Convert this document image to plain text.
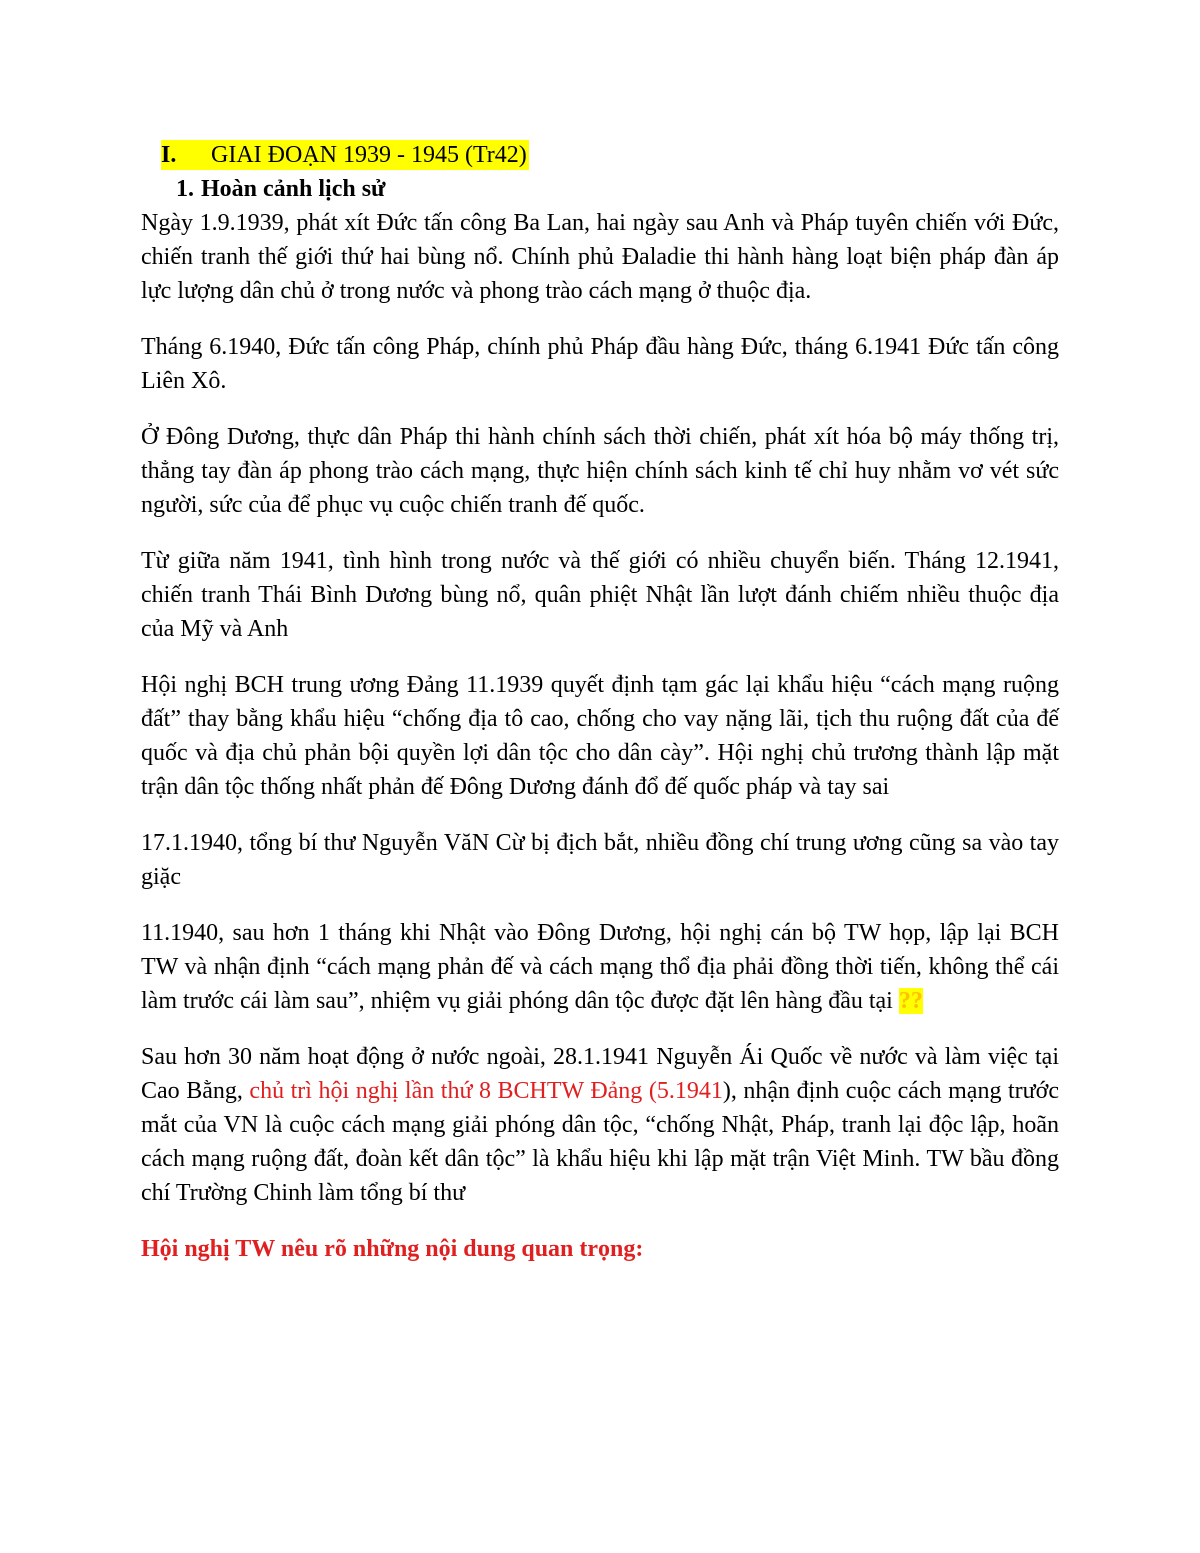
I. GIAI ĐOẠN 1939 - 1945 (Tr42)
1. Hoàn cảnh lịch sử

Ngày 1.9.1939, phát xít Đức tấn công Ba Lan, hai ngày sau Anh và Pháp tuyên chiến với Đức, chiến tranh thế giới thứ hai bùng nổ. Chính phủ Đaladie thi hành hàng loạt biện pháp đàn áp lực lượng dân chủ ở trong nước và phong trào cách mạng ở thuộc địa.

Tháng 6.1940, Đức tấn công Pháp, chính phủ Pháp đầu hàng Đức, tháng 6.1941 Đức tấn công Liên Xô.

Ở Đông Dương, thực dân Pháp thi hành chính sách thời chiến, phát xít hóa bộ máy thống trị, thẳng tay đàn áp phong trào cách mạng, thực hiện chính sách kinh tế chỉ huy nhằm vơ vét sức người, sức của để phục vụ cuộc chiến tranh đế quốc.

Từ giữa năm 1941, tình hình trong nước và thế giới có nhiều chuyển biến. Tháng 12.1941, chiến tranh Thái Bình Dương bùng nổ, quân phiệt Nhật lần lượt đánh chiếm nhiều thuộc địa của Mỹ và Anh

Hội nghị BCH trung ương Đảng 11.1939 quyết định tạm gác lại khẩu hiệu “cách mạng ruộng đất” thay bằng khẩu hiệu “chống địa tô cao, chống cho vay nặng lãi, tịch thu ruộng đất của đế quốc và địa chủ phản bội quyền lợi dân tộc cho dân cày”. Hội nghị chủ trương thành lập mặt trận dân tộc thống nhất phản đế Đông Dương đánh đổ đế quốc pháp và tay sai

17.1.1940, tổng bí thư Nguyễn VăN Cừ bị địch bắt, nhiều đồng chí trung ương cũng sa vào tay giặc

11.1940, sau hơn 1 tháng khi Nhật vào Đông Dương, hội nghị cán bộ TW họp, lập lại BCH TW và nhận định “cách mạng phản đế và cách mạng thổ địa phải đồng thời tiến, không thể cái làm trước cái làm sau”, nhiệm vụ giải phóng dân tộc được đặt lên hàng đầu tại ??

Sau hơn 30 năm hoạt động ở nước ngoài, 28.1.1941 Nguyễn Ái Quốc về nước và làm việc tại Cao Bằng, chủ trì hội nghị lần thứ 8 BCHTW Đảng (5.1941), nhận định cuộc cách mạng trước mắt của VN là cuộc cách mạng giải phóng dân tộc, “chống Nhật, Pháp, tranh lại độc lập, hoãn cách mạng ruộng đất, đoàn kết dân tộc” là khẩu hiệu khi lập mặt trận Việt Minh. TW bầu đồng chí Trường Chinh làm tổng bí thư

Hội nghị TW nêu rõ những nội dung quan trọng:
